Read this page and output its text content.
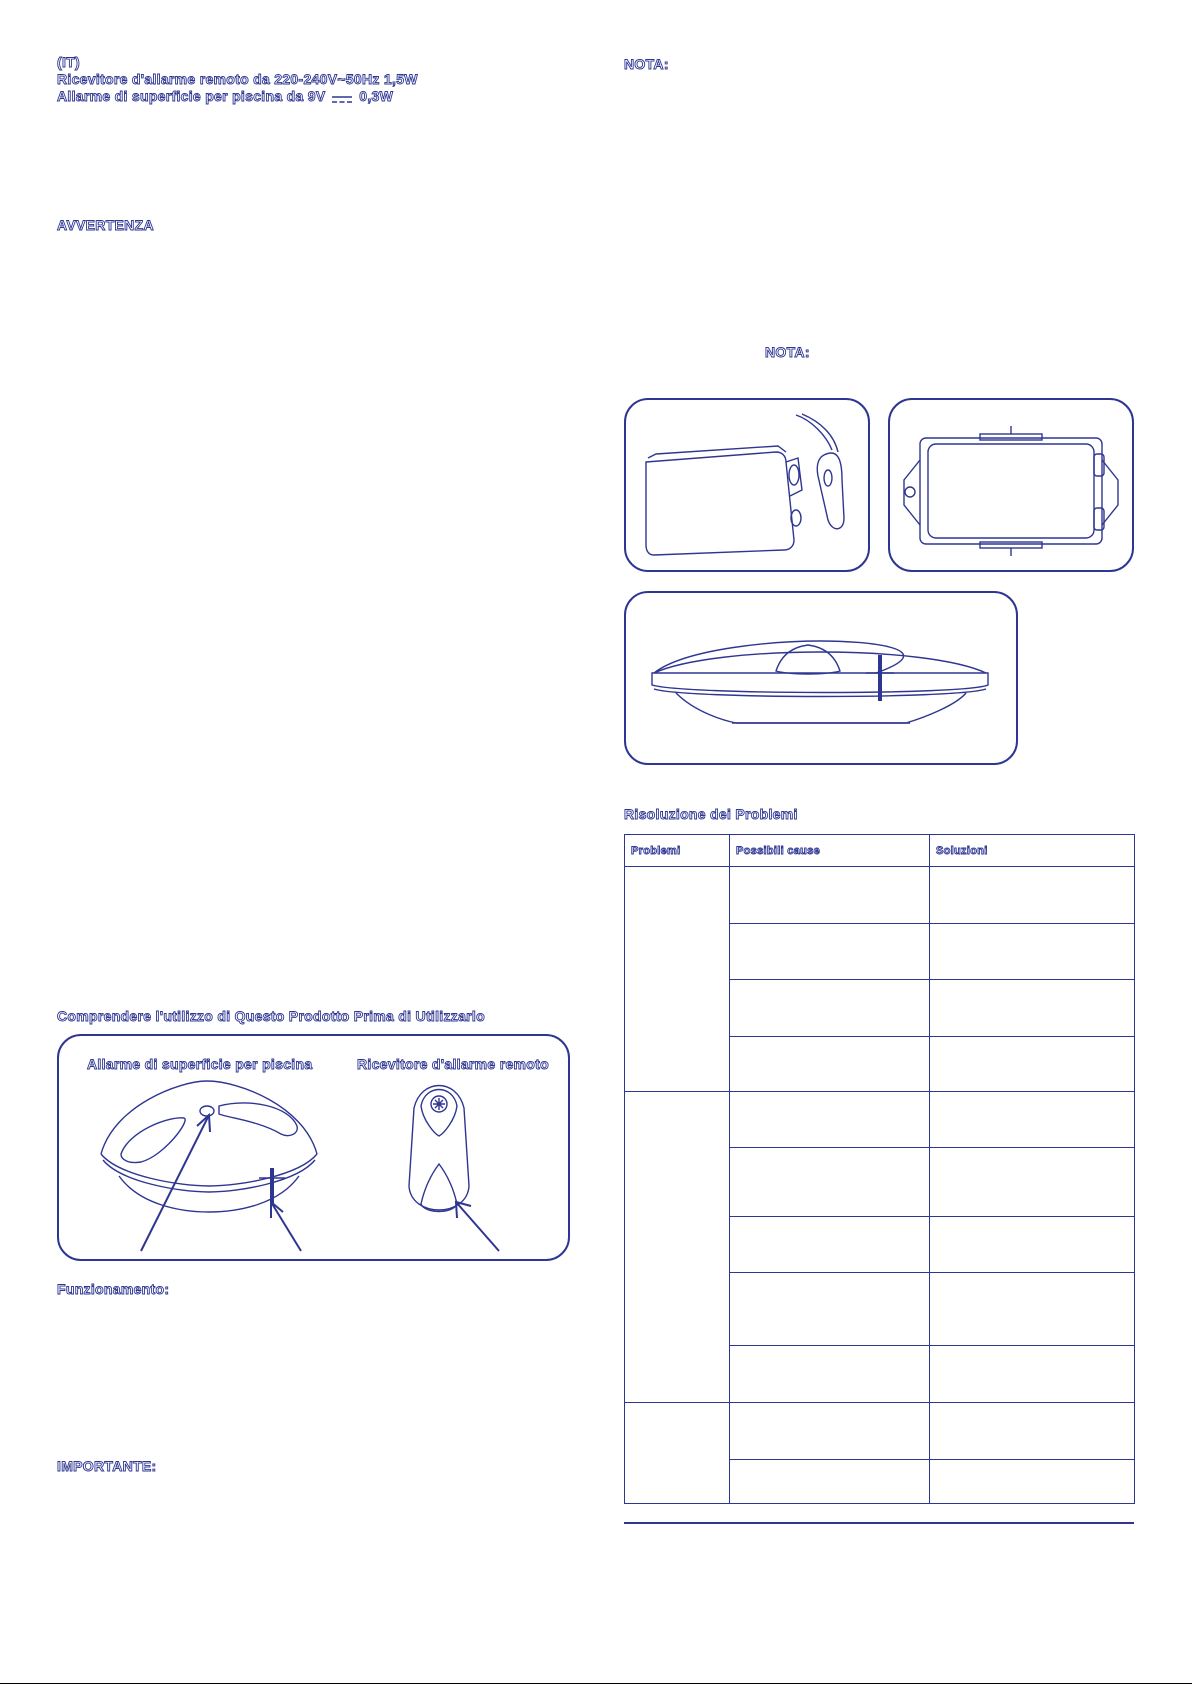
(IT)
Ricevitore d'allarme remoto da 220-240V~50Hz 1,5W
Allarme di superficie per piscina da 9V 0,3W
AVVERTENZA
Comprendere l'utilizzo di Questo Prodotto Prima di Utilizzarlo
Allarme di superficie per piscina	Ricevitore d'allarme remoto
Funzionamento:
IMPORTANTE:
NOTA:
NOTA:
Risoluzione dei Problemi
Problemi	Possibili cause	Soluzioni
